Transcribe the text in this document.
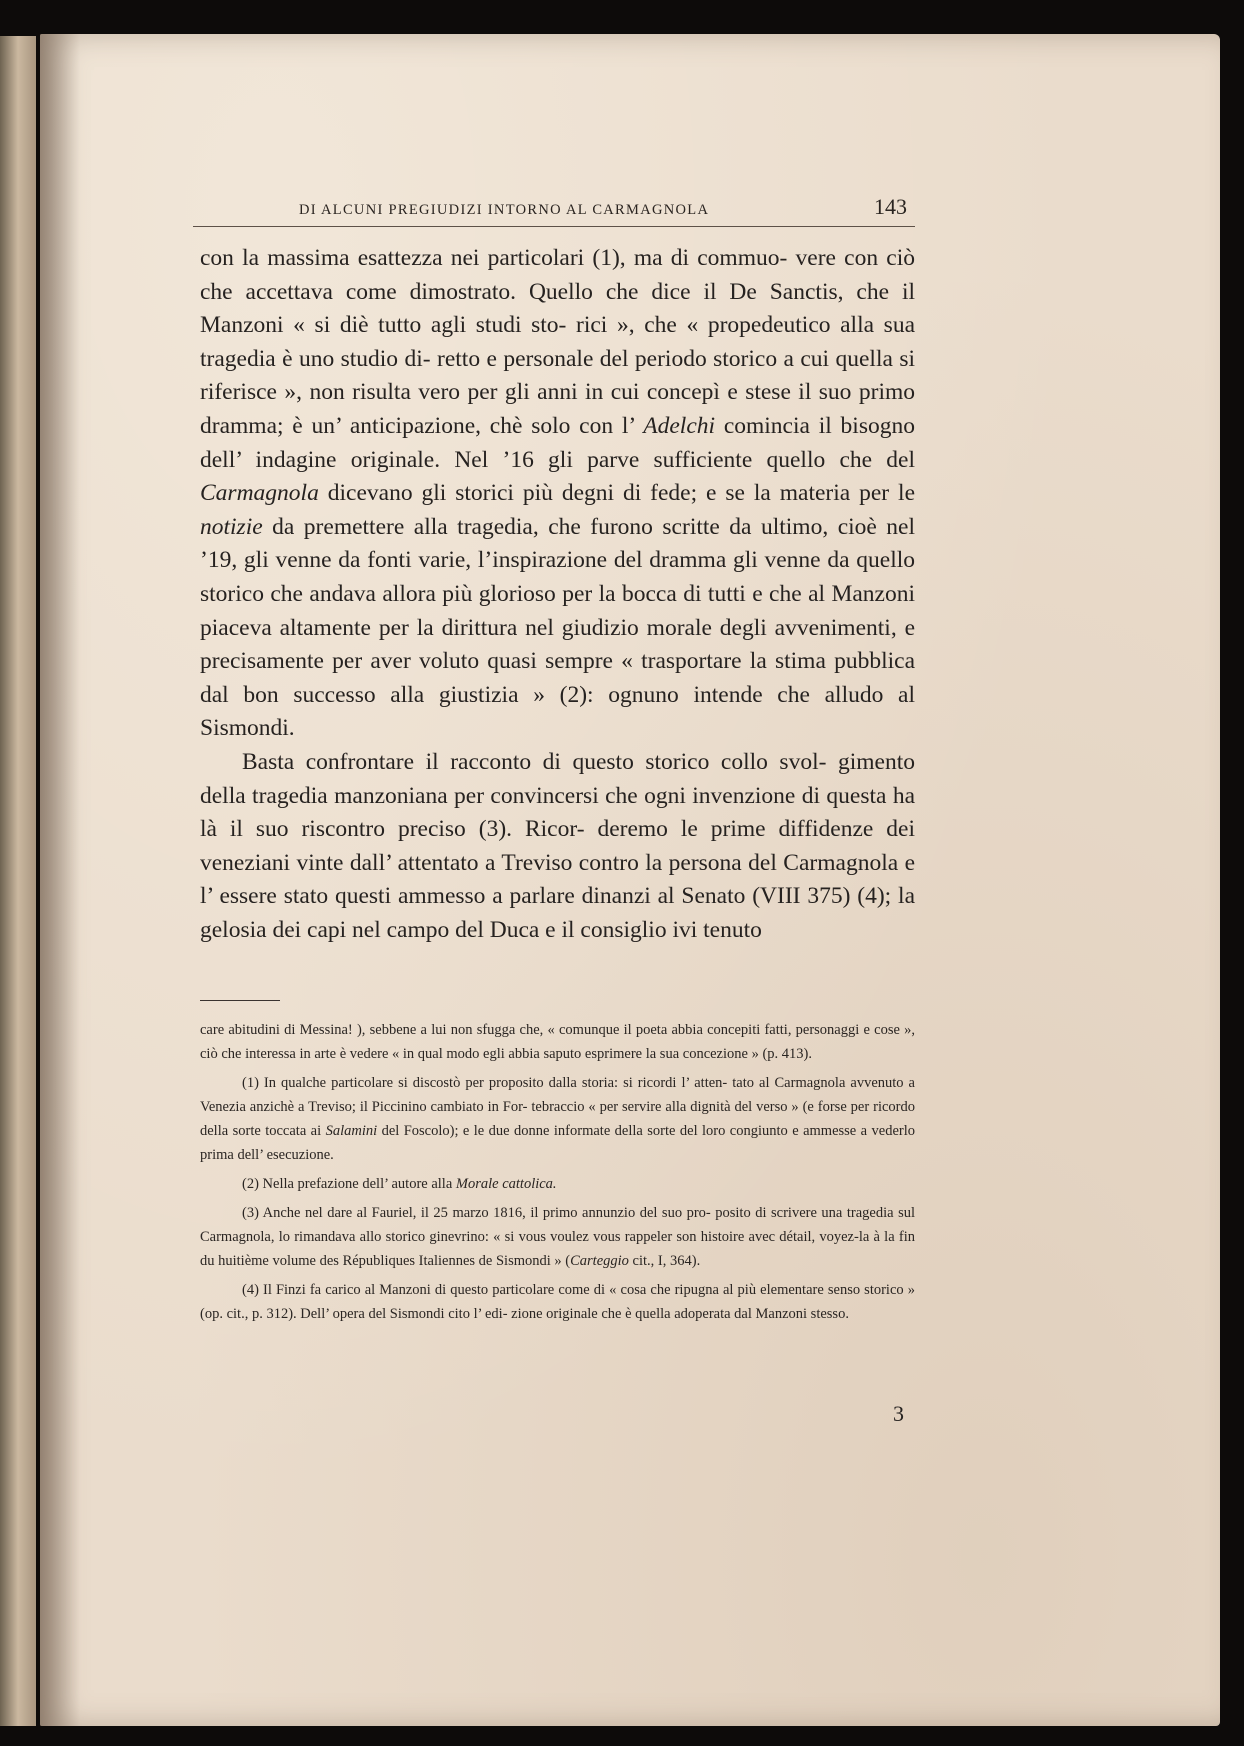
DI ALCUNI PREGIUDIZI INTORNO AL CARMAGNOLA	143

con la massima esattezza nei particolari (1), ma di commuo- vere con ciò che accettava come dimostrato. Quello che dice il De Sanctis, che il Manzoni « si diè tutto agli studi sto- rici », che « propedeutico alla sua tragedia è uno studio di- retto e personale del periodo storico a cui quella si riferisce », non risulta vero per gli anni in cui concepì e stese il suo primo dramma; è un’ anticipazione, chè solo con l’ Adelchi comincia il bisogno dell’ indagine originale. Nel ’16 gli parve sufficiente quello che del Carmagnola dicevano gli storici più degni di fede; e se la materia per le notizie da premettere alla tragedia, che furono scritte da ultimo, cioè nel ’19, gli venne da fonti varie, l’inspirazione del dramma gli venne da quello storico che andava allora più glorioso per la bocca di tutti e che al Manzoni piaceva altamente per la dirittura nel giudizio morale degli avvenimenti, e precisamente per aver voluto quasi sempre « trasportare la stima pubblica dal bon successo alla giustizia » (2): ognuno intende che alludo al Sismondi.

Basta confrontare il racconto di questo storico collo svol- gimento della tragedia manzoniana per convincersi che ogni invenzione di questa ha là il suo riscontro preciso (3). Ricor- deremo le prime diffidenze dei veneziani vinte dall’ attentato a Treviso contro la persona del Carmagnola e l’ essere stato questi ammesso a parlare dinanzi al Senato (VIII 375) (4); la gelosia dei capi nel campo del Duca e il consiglio ivi tenuto

care abitudini di Messina! ), sebbene a lui non sfugga che, « comunque il poeta abbia concepiti fatti, personaggi e cose », ciò che interessa in arte è vedere « in qual modo egli abbia saputo esprimere la sua concezione » (p. 413).

(1) In qualche particolare si discostò per proposito dalla storia: si ricordi l’ atten- tato al Carmagnola avvenuto a Venezia anzichè a Treviso; il Piccinino cambiato in For- tebraccio « per servire alla dignità del verso » (e forse per ricordo della sorte toccata ai Salamini del Foscolo); e le due donne informate della sorte del loro congiunto e ammesse a vederlo prima dell’ esecuzione.

(2) Nella prefazione dell’ autore alla Morale cattolica.

(3) Anche nel dare al Fauriel, il 25 marzo 1816, il primo annunzio del suo pro- posito di scrivere una tragedia sul Carmagnola, lo rimandava allo storico ginevrino: « si vous voulez vous rappeler son histoire avec détail, voyez-la à la fin du huitième volume des Républiques Italiennes de Sismondi » (Carteggio cit., I, 364).

(4) Il Finzi fa carico al Manzoni di questo particolare come di « cosa che ripugna al più elementare senso storico » (op. cit., p. 312). Dell’ opera del Sismondi cito l’ edi- zione originale che è quella adoperata dal Manzoni stesso.

3
